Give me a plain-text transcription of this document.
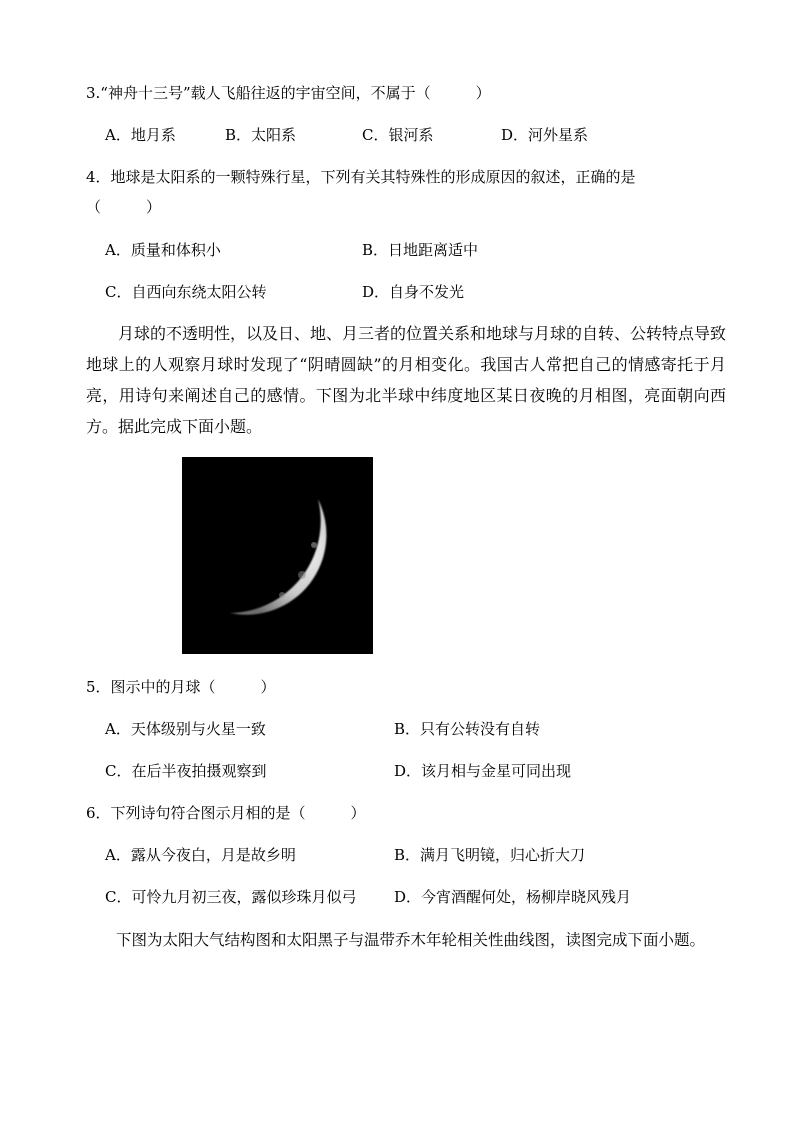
3.“神舟十三号”载人飞船往返的宇宙空间，不属于（　　　）
A．地月系	B．太阳系	C．银河系	D．河外星系
4．地球是太阳系的一颗特殊行星，下列有关其特殊性的形成原因的叙述，正确的是
（　　　）
A．质量和体积小	B．日地距离适中
C．自西向东绕太阳公转	D．自身不发光
月球的不透明性，以及日、地、月三者的位置关系和地球与月球的自转、公转特点导致地球上的人观察月球时发现了“阴晴圆缺”的月相变化。我国古人常把自己的情感寄托于月亮，用诗句来阐述自己的感情。下图为北半球中纬度地区某日夜晚的月相图，亮面朝向西方。据此完成下面小题。
5．图示中的月球（　　　）
A．天体级别与火星一致	B．只有公转没有自转
C．在后半夜拍摄观察到	D．该月相与金星可同出现
6．下列诗句符合图示月相的是（　　　）
A．露从今夜白，月是故乡明	B．满月飞明镜，归心折大刀
C．可怜九月初三夜，露似珍珠月似弓	D．今宵酒醒何处，杨柳岸晓风残月
下图为太阳大气结构图和太阳黑子与温带乔木年轮相关性曲线图，读图完成下面小题。
